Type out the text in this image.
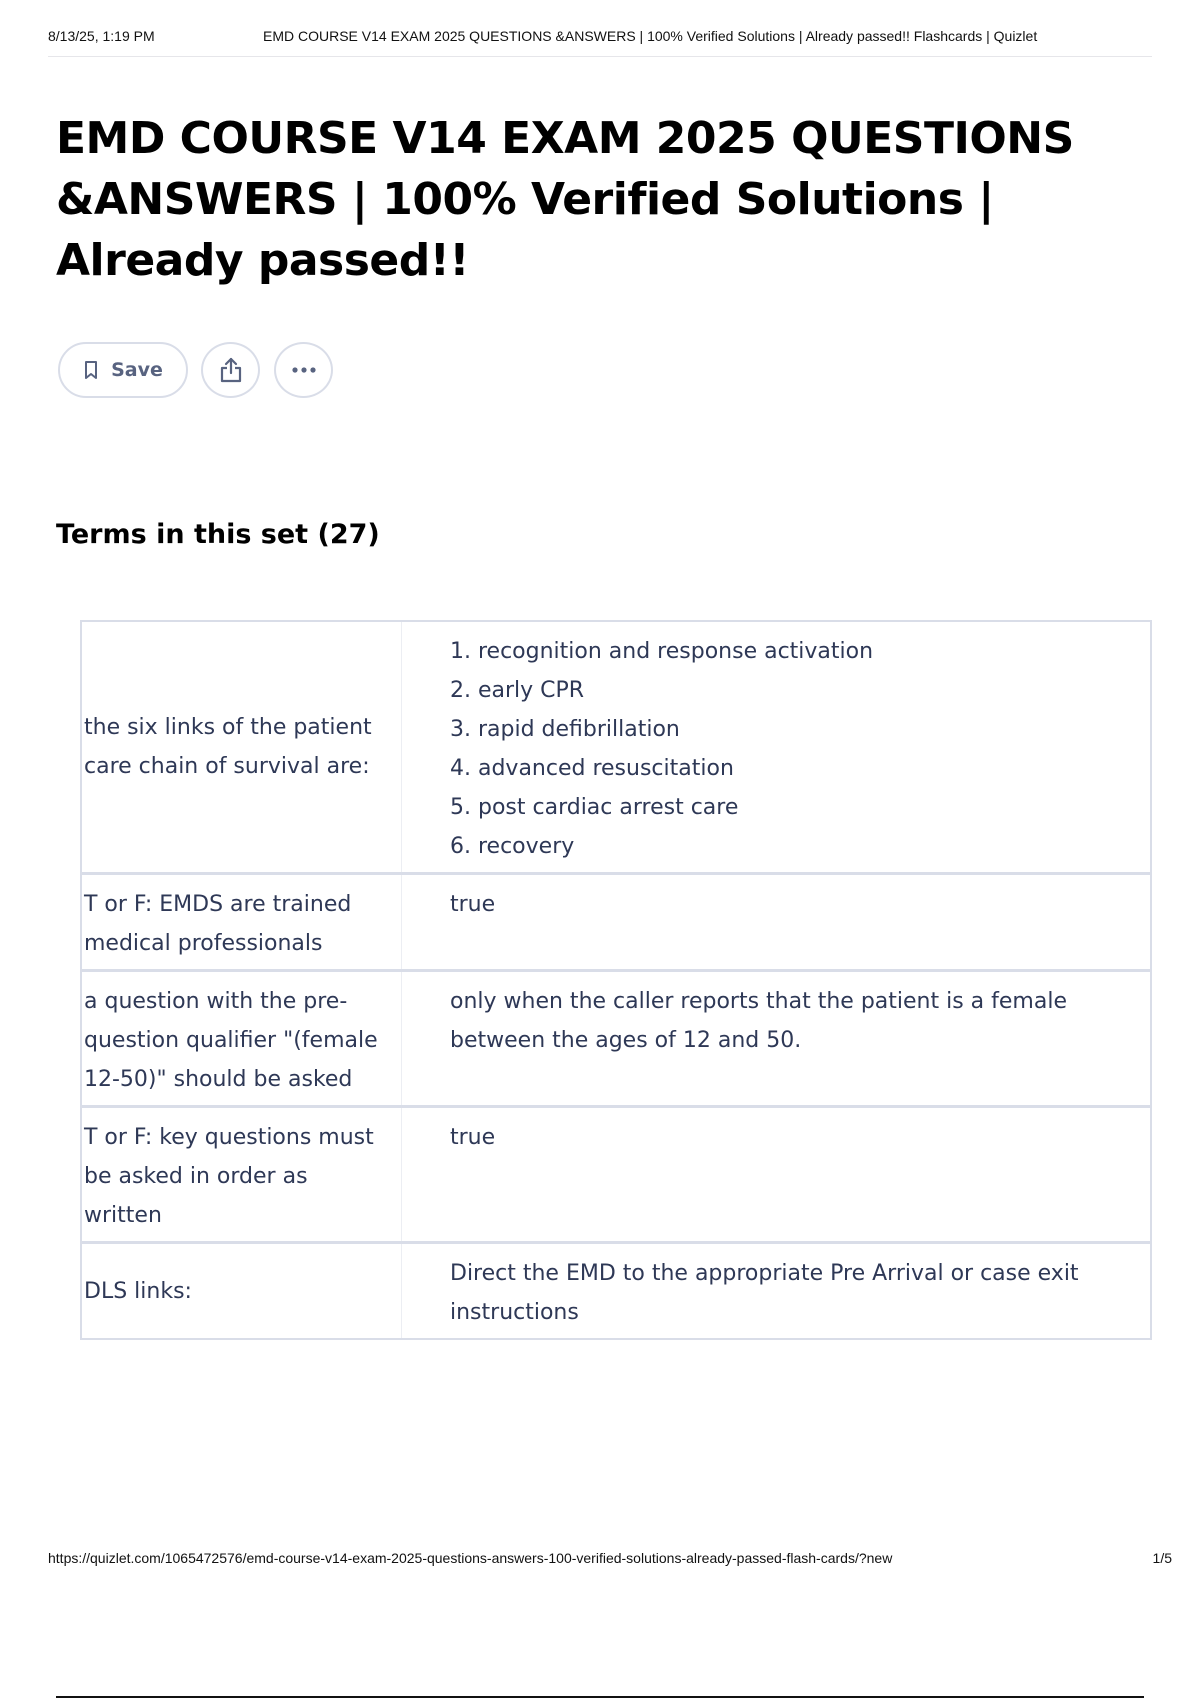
8/13/25, 1:19 PM	EMD COURSE V14 EXAM 2025 QUESTIONS &ANSWERS | 100% Verified Solutions | Already passed!! Flashcards | Quizlet
EMD COURSE V14 EXAM 2025 QUESTIONS &ANSWERS | 100% Verified Solutions | Already passed!!
Save
Terms in this set (27)
the six links of the patient care chain of survival are:
1. recognition and response activation
2. early CPR
3. rapid defibrillation
4. advanced resuscitation
5. post cardiac arrest care
6. recovery
T or F: EMDS are trained medical professionals
true
a question with the pre-question qualifier "(female 12-50)" should be asked
only when the caller reports that the patient is a female between the ages of 12 and 50.
T or F: key questions must be asked in order as written
true
DLS links:
Direct the EMD to the appropriate Pre Arrival or case exit instructions
https://quizlet.com/1065472576/emd-course-v14-exam-2025-questions-answers-100-verified-solutions-already-passed-flash-cards/?new	1/5
